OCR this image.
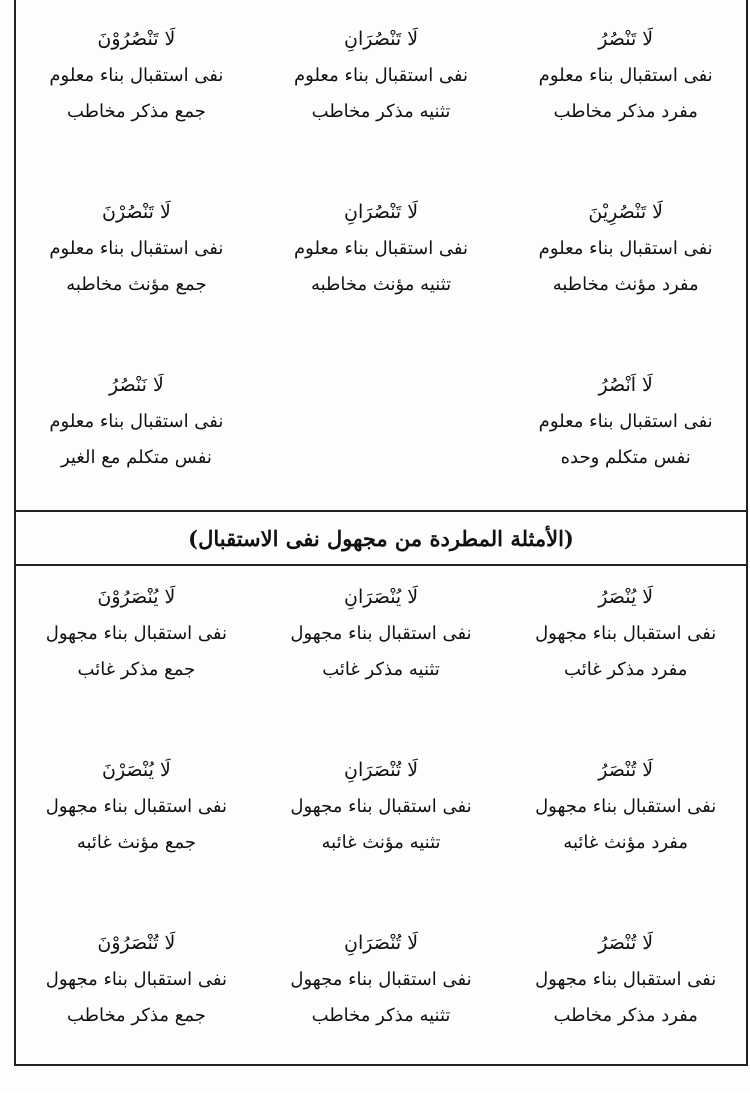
لَا تَنْصُرُ
نفی استقبال بناء معلوم
مفرد مذکر مخاطب
لَا تَنْصُرَانِ
نفی استقبال بناء معلوم
تثنیه مذکر مخاطب
لَا تَنْصُرُوْنَ
نفی استقبال بناء معلوم
جمع مذکر مخاطب
لَا تَنْصُرِیْنَ
نفی استقبال بناء معلوم
مفرد مؤنث مخاطبه
لَا تَنْصُرَانِ
نفی استقبال بناء معلوم
تثنیه مؤنث مخاطبه
لَا تَنْصُرْنَ
نفی استقبال بناء معلوم
جمع مؤنث مخاطبه
لَا اَنْصُرُ
نفی استقبال بناء معلوم
نفس متکلم وحده
لَا نَنْصُرُ
نفی استقبال بناء معلوم
نفس متکلم مع الغیر
(الأمثلة المطردة من مجهول نفی الاستقبال)
لَا یُنْصَرُ
نفی استقبال بناء مجهول
مفرد مذکر غائب
لَا یُنْصَرَانِ
نفی استقبال بناء مجهول
تثنیه مذکر غائب
لَا یُنْصَرُوْنَ
نفی استقبال بناء مجهول
جمع مذکر غائب
لَا تُنْصَرُ
نفی استقبال بناء مجهول
مفرد مؤنث غائبه
لَا تُنْصَرَانِ
نفی استقبال بناء مجهول
تثنیه مؤنث غائبه
لَا یُنْصَرْنَ
نفی استقبال بناء مجهول
جمع مؤنث غائبه
لَا تُنْصَرُ
نفی استقبال بناء مجهول
مفرد مذکر مخاطب
لَا تُنْصَرَانِ
نفی استقبال بناء مجهول
تثنیه مذکر مخاطب
لَا تُنْصَرُوْنَ
نفی استقبال بناء مجهول
جمع مذکر مخاطب
